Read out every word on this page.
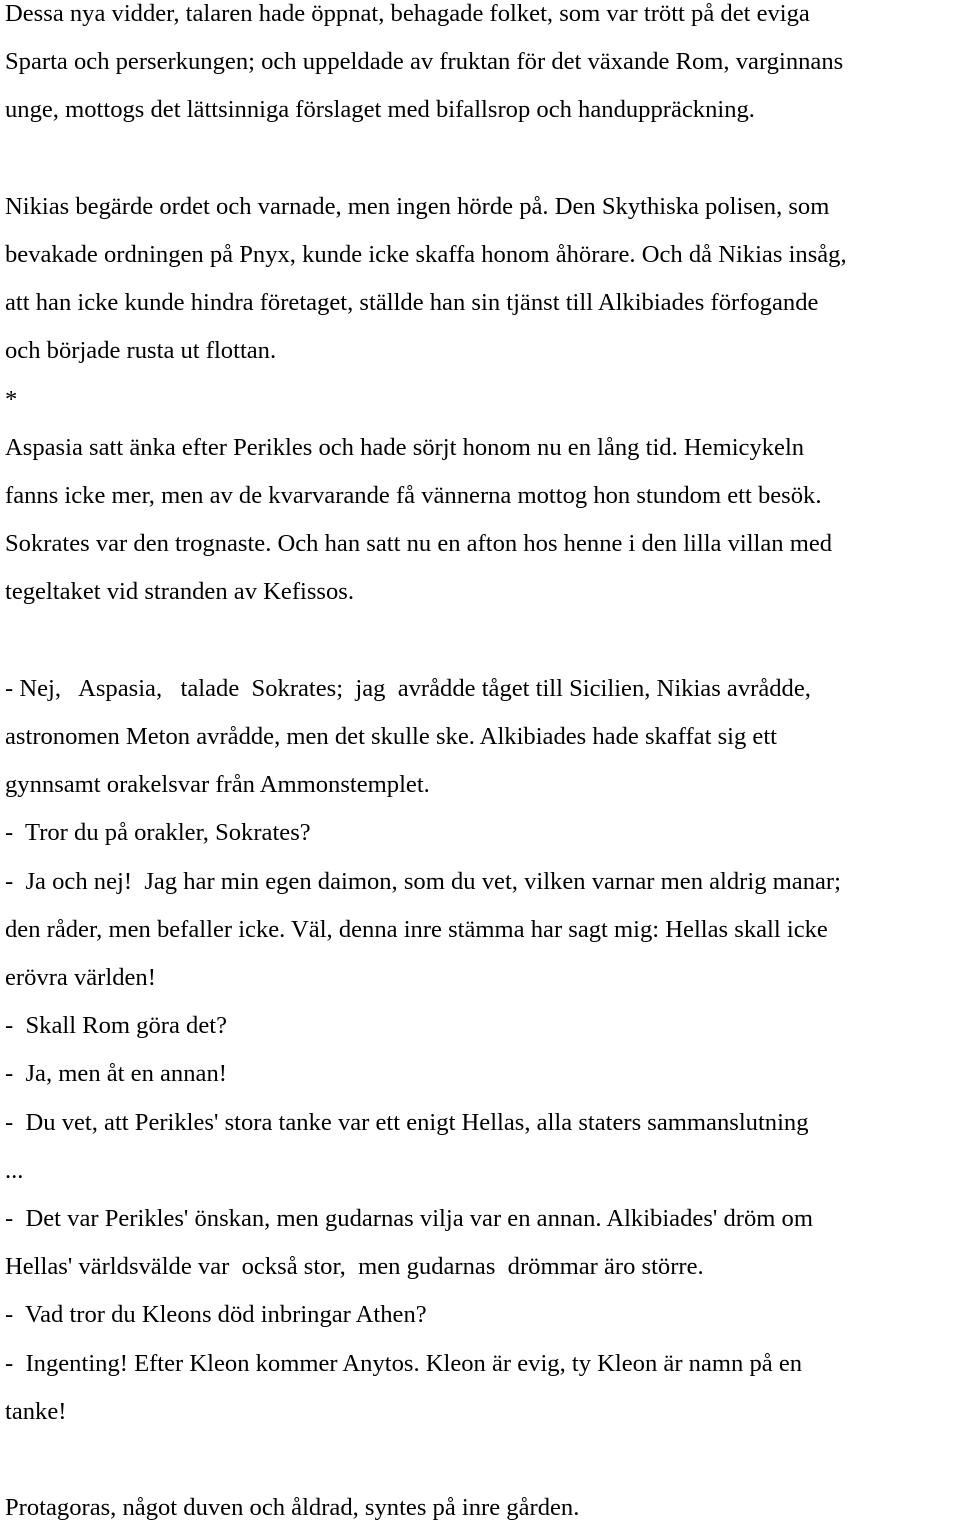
Dessa nya vidder, talaren hade öppnat, behagade folket, som var trött på det eviga
Sparta och perserkungen; och uppeldade av fruktan för det växande Rom, varginnans
unge, mottogs det lättsinniga förslaget med bifallsrop och handuppräckning.
Nikias begärde ordet och varnade, men ingen hörde på. Den Skythiska polisen, som
bevakade ordningen på Pnyx, kunde icke skaffa honom åhörare. Och då Nikias insåg,
att han icke kunde hindra företaget, ställde han sin tjänst till Alkibiades förfogande
och började rusta ut flottan.
*
Aspasia satt änka efter Perikles och hade sörjt honom nu en lång tid. Hemicykeln
fanns icke mer, men av de kvarvarande få vännerna mottog hon stundom ett besök.
Sokrates var den trognaste. Och han satt nu en afton hos henne i den lilla villan med
tegeltaket vid stranden av Kefissos.
- Nej,   Aspasia,   talade  Sokrates;  jag  avrådde tåget till Sicilien, Nikias avrådde,
astronomen Meton avrådde, men det skulle ske. Alkibiades hade skaffat sig ett
gynnsamt orakelsvar från Ammonstemplet.
-  Tror du på orakler, Sokrates?
-  Ja och nej!  Jag har min egen daimon, som du vet, vilken varnar men aldrig manar;
den råder, men befaller icke. Väl, denna inre stämma har sagt mig: Hellas skall icke
erövra världen!
-  Skall Rom göra det?
-  Ja, men åt en annan!
-  Du vet, att Perikles' stora tanke var ett enigt Hellas, alla staters sammanslutning
...
-  Det var Perikles' önskan, men gudarnas vilja var en annan. Alkibiades' dröm om
Hellas' världsvälde var  också stor,  men gudarnas  drömmar äro större.
-  Vad tror du Kleons död inbringar Athen?
-  Ingenting! Efter Kleon kommer Anytos. Kleon är evig, ty Kleon är namn på en
tanke!
Protagoras, något duven och åldrad, syntes på inre gården.
